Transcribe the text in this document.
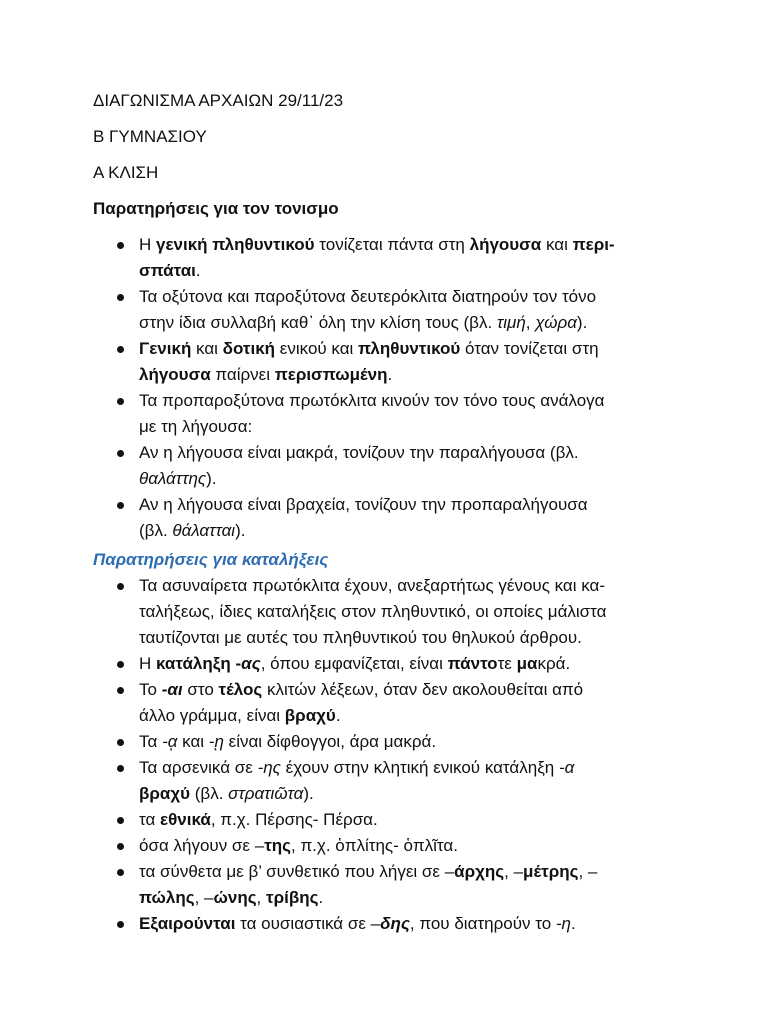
ΔΙΑΓΩΝΙΣΜΑ ΑΡΧΑΙΩΝ 29/11/23
Β ΓΥΜΝΑΣΙΟΥ
Α ΚΛΙΣΗ
Παρατηρήσεις για τον τονισμο
Η γενική πληθυντικού τονίζεται πάντα στη λήγουσα και περι-
σπάται.
Τα οξύτονα και παροξύτονα δευτερόκλιτα διατηρούν τον τόνο
στην ίδια συλλαβή καθ᾽ όλη την κλίση τους (βλ. τιμή, χώρα).
Γενική και δοτική ενικού και πληθυντικού όταν τονίζεται στη
λήγουσα παίρνει περισπωμένη.
Τα προπαροξύτονα πρωτόκλιτα κινούν τον τόνο τους ανάλογα
με τη λήγουσα:
Αν η λήγουσα είναι μακρά, τονίζουν την παραλήγουσα (βλ.
θαλάττης).
Αν η λήγουσα είναι βραχεία, τονίζουν την προπαραλήγουσα
(βλ. θάλατται).
Παρατηρήσεις για καταλήξεις
Τα ασυναίρετα πρωτόκλιτα έχουν, ανεξαρτήτως γένους και κα-
ταλήξεως, ίδιες καταλήξεις στον πληθυντικό, οι οποίες μάλιστα
ταυτίζονται με αυτές του πληθυντικού του θηλυκού άρθρου.
Η κατάληξη -ας, όπου εμφανίζεται, είναι πάντοτε μακρά.
Το -αι στο τέλος κλιτών λέξεων, όταν δεν ακολουθείται από
άλλο γράμμα, είναι βραχύ.
Τα -ᾳ και -ῃ είναι δίφθογγοι, άρα μακρά.
Τα αρσενικά σε -ης έχουν στην κλητική ενικού κατάληξη -α
βραχύ (βλ. στρατιῶτα).
τα εθνικά, π.χ. Πέρσης- Πέρσα.
όσα λήγουν σε –της, π.χ. ὁπλίτης- ὁπλῖτα.
τα σύνθετα με β’ συνθετικό που λήγει σε –άρχης, –μέτρης, –
πώλης, –ώνης, τρίβης.
Εξαιρούνται τα ουσιαστικά σε –δης, που διατηρούν το -η.
